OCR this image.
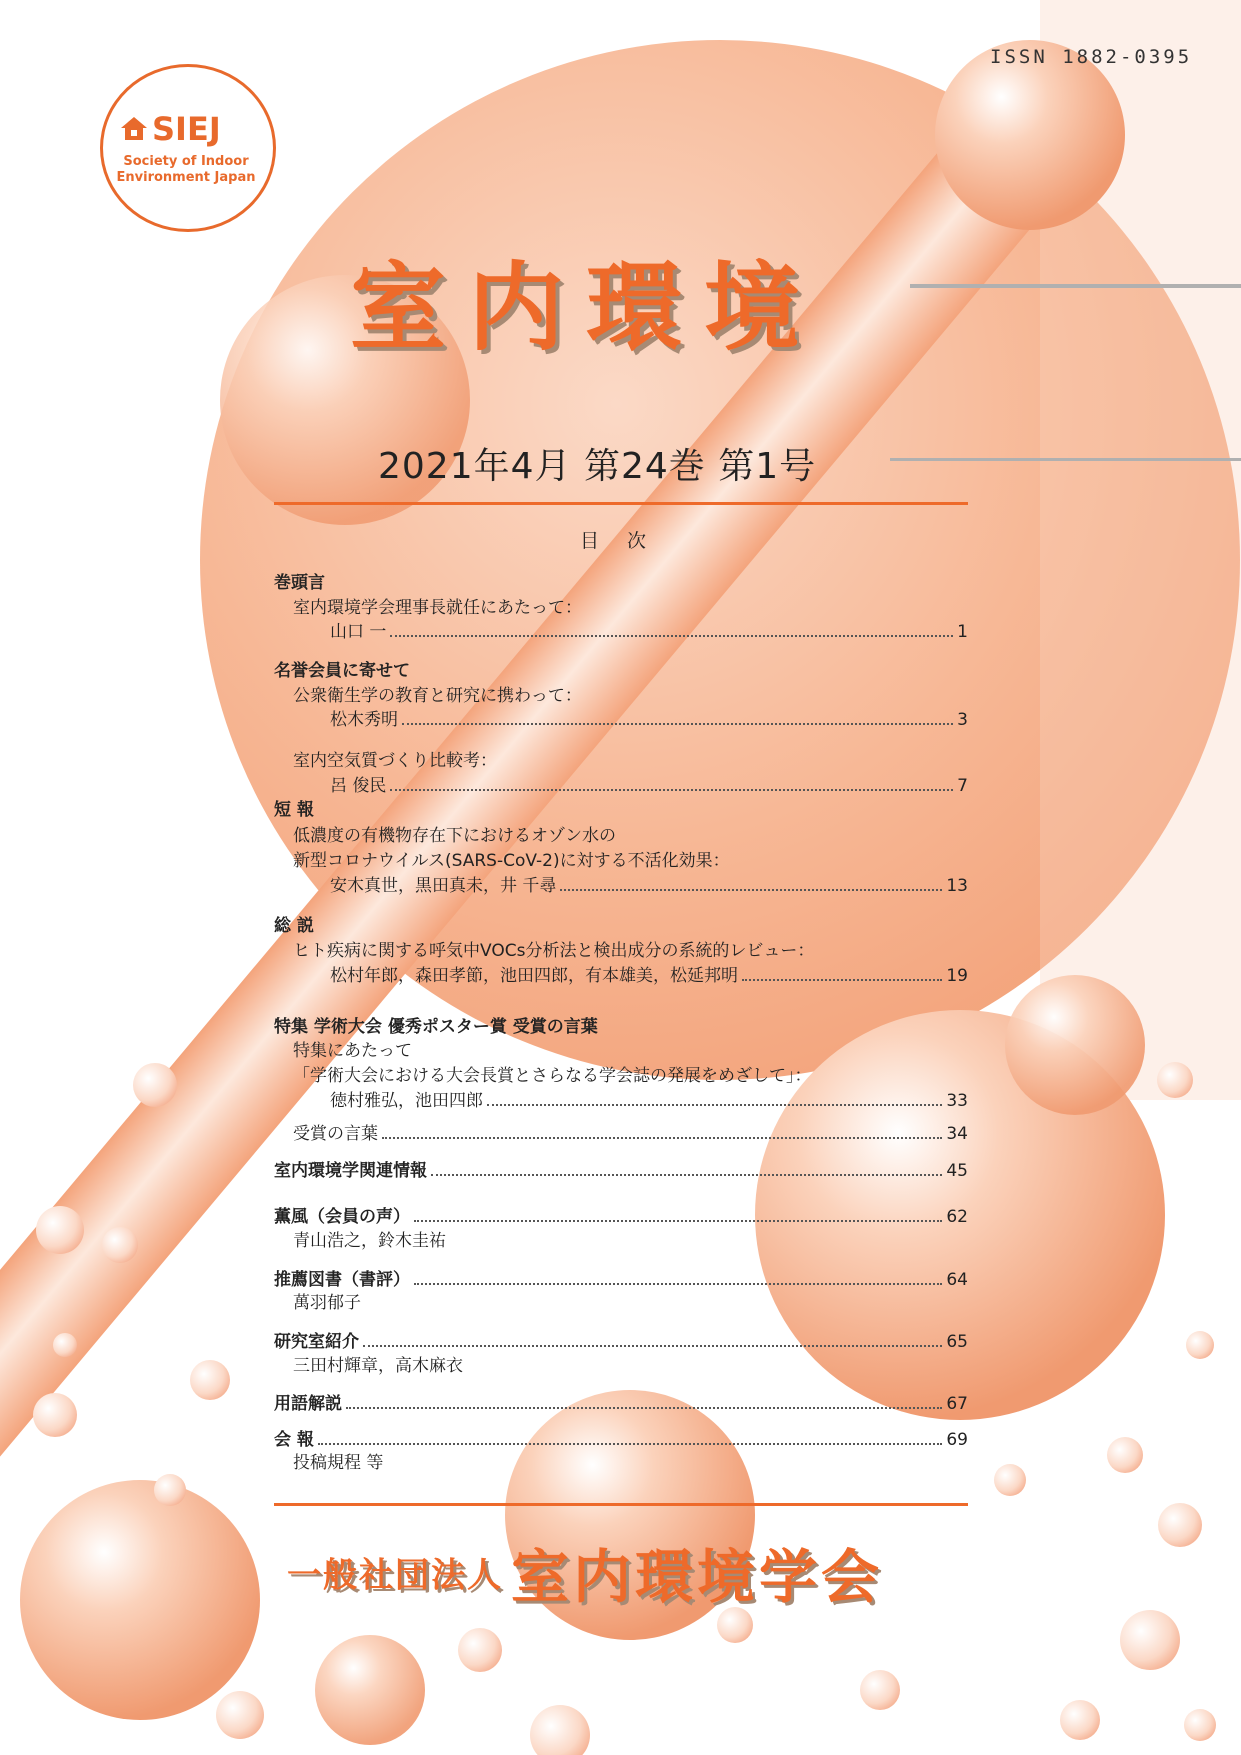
ISSN 1882-0395
SIEJ
Society of Indoor
Environment Japan
室内環境
2021年4月 第24巻 第1号
目次
巻頭言
室内環境学会理事長就任にあたって：
山口 一	1
名誉会員に寄せて
公衆衛生学の教育と研究に携わって：
松木秀明	3
室内空気質づくり比較考：
呂 俊民	7
短 報
低濃度の有機物存在下におけるオゾン水の
新型コロナウイルス(SARS-CoV-2)に対する不活化効果：
安木真世，黒田真未，井 千尋	13
総 説
ヒト疾病に関する呼気中VOCs分析法と検出成分の系統的レビュー：
松村年郎，森田孝節，池田四郎，有本雄美，松延邦明	19
特集 学術大会 優秀ポスター賞 受賞の言葉
特集にあたって
「学術大会における大会長賞とさらなる学会誌の発展をめざして」：
徳村雅弘，池田四郎	33
受賞の言葉	34
室内環境学関連情報	45
薫風（会員の声）	62
青山浩之，鈴木圭祐
推薦図書（書評）	64
萬羽郁子
研究室紹介	65
三田村輝章，高木麻衣
用語解説	67
会 報	69
投稿規程 等
一般社団法人 室内環境学会
